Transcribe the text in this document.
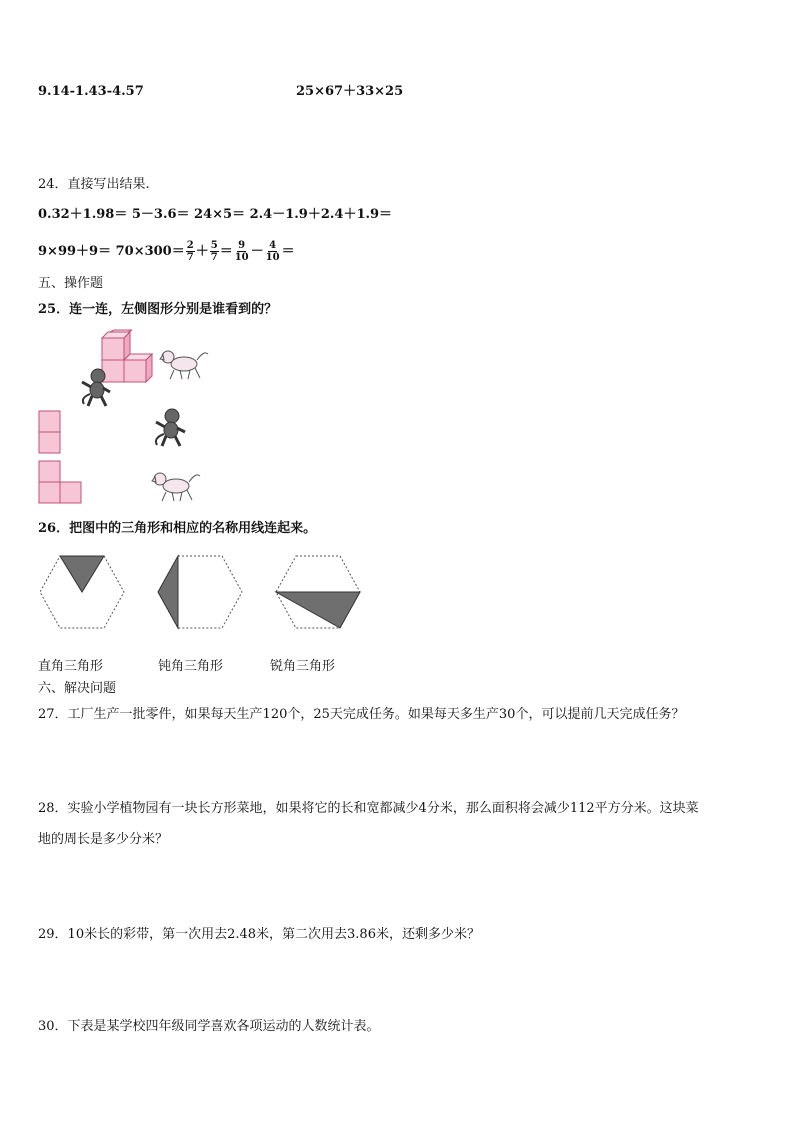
9.14-1.43-4.57	25×67＋33×25
24．直接写出结果.
0.32＋1.98＝ 5－3.6＝ 24×5＝ 2.4－1.9＋2.4＋1.9＝
$9\times 99+9= 70\times 300= \frac{2}{7} + \frac{5}{7} = \frac{9}{10} - \frac{4}{10}$ ＝
五、操作题
25．连一连，左侧图形分别是谁看到的？
26．把图中的三角形和相应的名称用线连起来。
直角三角形	钝角三角形	锐角三角形
六、解决问题
27．工厂生产一批零件，如果每天生产120个，25天完成任务。如果每天多生产30个，可以提前几天完成任务？
28．实验小学植物园有一块长方形菜地，如果将它的长和宽都减少4分米，那么面积将会减少112平方分米。这块菜
地的周长是多少分米？
29．10米长的彩带，第一次用去2.48米，第二次用去3.86米，还剩多少米？
30．下表是某学校四年级同学喜欢各项运动的人数统计表。
